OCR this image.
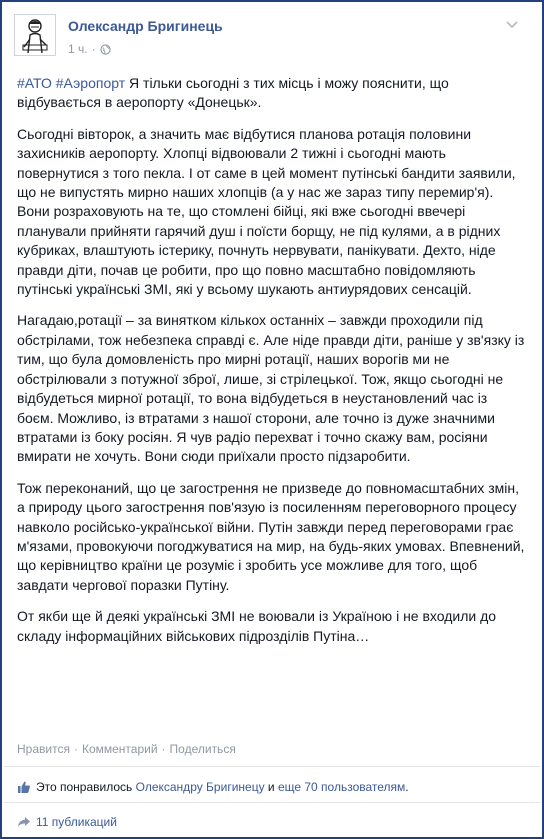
Олександр Бригинець
1 ч. ·

#АТО #Аэропорт Я тільки сьогодні з тих місць і можу пояснити, що відбувається в аеропорту «Донецьк».

Сьогодні вівторок, а значить має відбутися планова ротація половини захисників аеропорту. Хлопці відвоювали 2 тижні і сьогодні мають повернутися з того пекла. І от саме в цей момент путінські бандити заявили, що не випустять мирно наших хлопців (а у нас же зараз типу перемир'я). Вони розраховують на те, що стомлені бійці, які вже сьогодні ввечері планували прийняти гарячий душ і поїсти борщу, не під кулями, а в рідних кубриках, влаштують істерику, почнуть нервувати, панікувати. Дехто, ніде правди діти, почав це робити, про що повно масштабно повідомляють путінські українські ЗМІ, які у всьому шукають антиурядових сенсацій.

Нагадаю,ротації – за винятком кількох останніх – завжди проходили під обстрілами, тож небезпека справді є. Але ніде правди діти, раніше у зв'язку із тим, що була домовленість про мирні ротації, наших ворогів ми не обстрілювали з потужної зброї, лише, зі стрілецької. Тож, якщо сьогодні не відбудеться мирної ротації, то вона відбудеться в неустановлений час із боєм. Можливо, із втратами з нашої сторони, але точно із дуже значними втратами із боку росіян. Я чув радіо перехват і точно скажу вам, росіяни вмирати не хочуть. Вони сюди приїхали просто підзаробити.

Тож переконаний, що це загострення не призведе до повномасштабних змін, а природу цього загострення пов'язую із посиленням переговорного процесу навколо російсько-української війни. Путін завжди перед переговорами грає м'язами, провокуючи погоджуватися на мир, на будь-яких умовах. Впевнений, що керівництво країни це розуміє і зробить усе можливе для того, щоб завдати чергової поразки Путіну.

От якби ще й деякі українські ЗМІ не воювали із Україною і не входили до складу інформаційних військових підрозділів Путіна…

Нравится · Комментарий · Поделиться
Это понравилось Олександру Бригинецу и еще 70 пользователям.
11 публикаций
